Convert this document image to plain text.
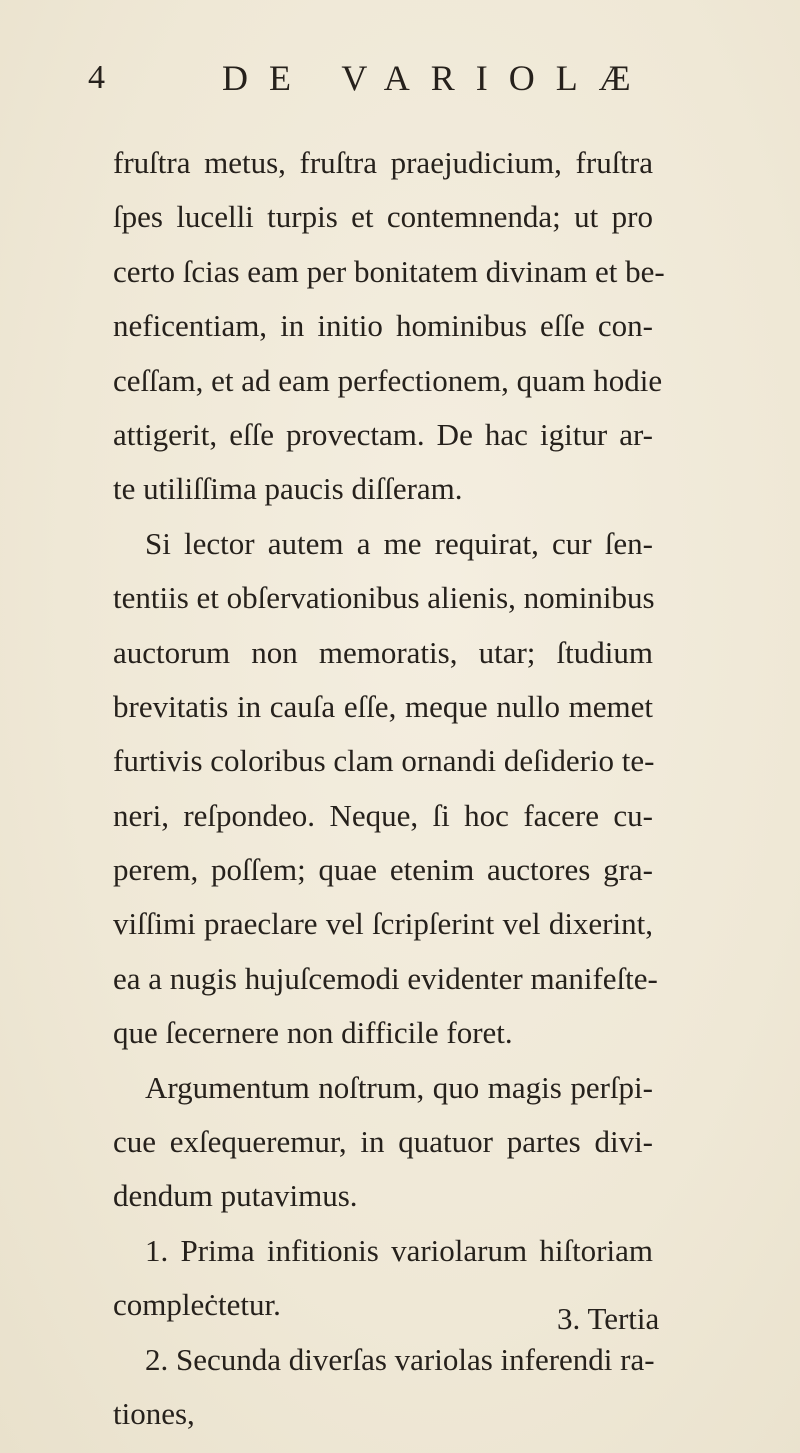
4	DE VARIOLÆ
fruſtra metus, fruſtra praejudicium, fruſtra
ſpes lucelli turpis et contemnenda; ut pro
certo ſcias eam per bonitatem divinam et be-
neficentiam, in initio hominibus eſſe con-
ceſſam, et ad eam perfectionem, quam hodie
attigerit, eſſe provectam. De hac igitur ar-
te utiliſſima paucis diſſeram.
Si lector autem a me requirat, cur ſen-
tentiis et obſervationibus alienis, nominibus
auctorum non memoratis, utar; ſtudium
brevitatis in cauſa eſſe, meque nullo memet
furtivis coloribus clam ornandi deſiderio te-
neri, reſpondeo. Neque, ſi hoc facere cu-
perem, poſſem; quae etenim auctores gra-
viſſimi praeclare vel ſcripſerint vel dixerint,
ea a nugis hujuſcemodi evidenter manifeſte-
que ſecernere non difficile foret.
Argumentum noſtrum, quo magis perſpi-
cue exſequeremur, in quatuor partes divi-
dendum putavimus.
1. Prima infitionis variolarum hiſtoriam
compleċtetur.
2. Secunda diverſas variolas inferendi ra-
tiones,
3. Tertia
